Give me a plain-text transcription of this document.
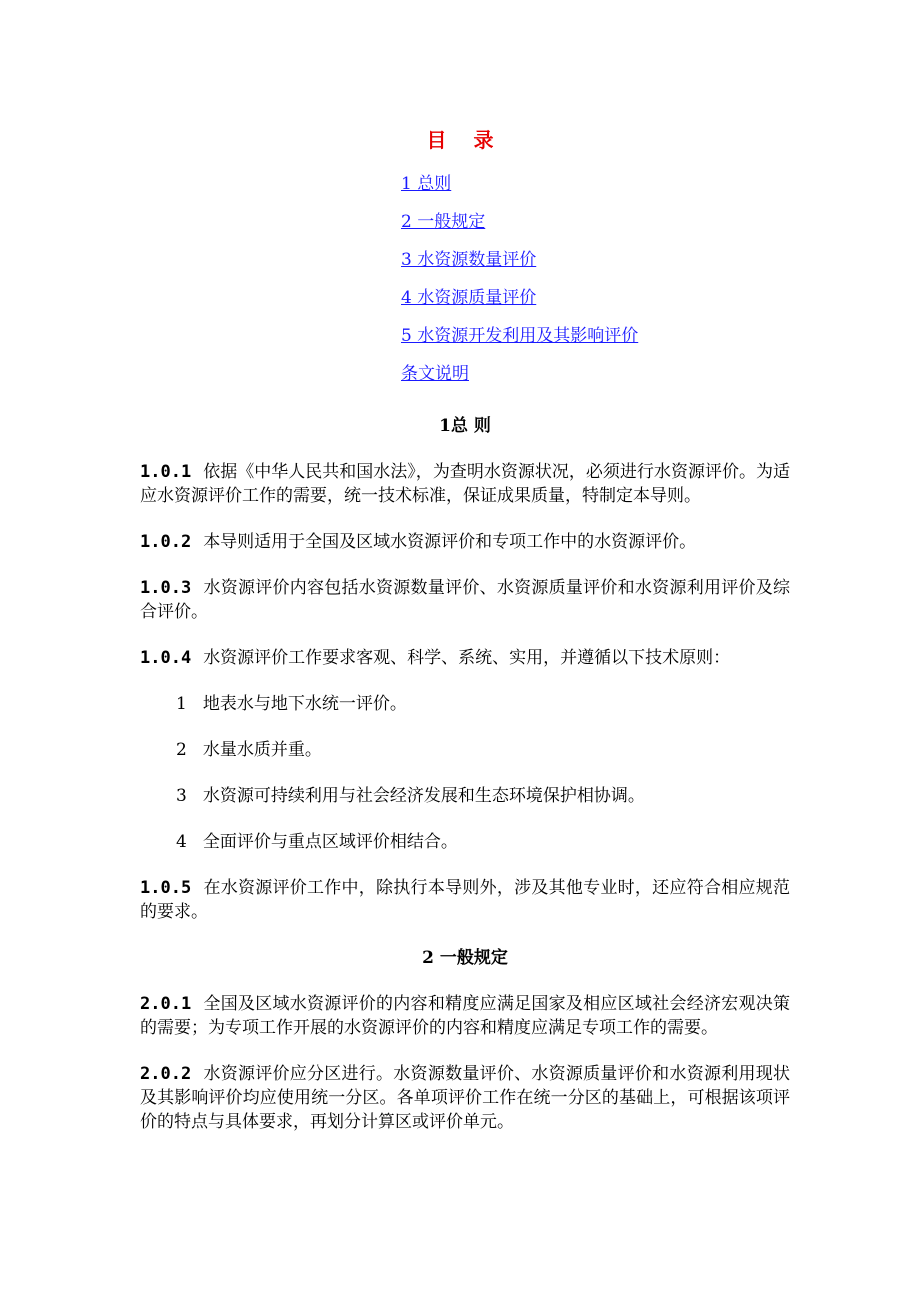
目 录
1 总则
2 一般规定
3 水资源数量评价
4 水资源质量评价
5 水资源开发利用及其影响评价
条文说明
1总 则

1.0.1 依据《中华人民共和国水法》，为查明水资源状况，必须进行水资源评价。为适应水资源评价工作的需要，统一技术标准，保证成果质量，特制定本导则。

1.0.2 本导则适用于全国及区域水资源评价和专项工作中的水资源评价。

1.0.3 水资源评价内容包括水资源数量评价、水资源质量评价和水资源利用评价及综合评价。

1.0.4 水资源评价工作要求客观、科学、系统、实用，并遵循以下技术原则：

1 地表水与地下水统一评价。

2 水量水质并重。

3 水资源可持续利用与社会经济发展和生态环境保护相协调。

4 全面评价与重点区域评价相结合。

1.0.5 在水资源评价工作中，除执行本导则外，涉及其他专业时，还应符合相应规范的要求。

2 一般规定

2.0.1 全国及区域水资源评价的内容和精度应满足国家及相应区域社会经济宏观决策的需要；为专项工作开展的水资源评价的内容和精度应满足专项工作的需要。

2.0.2 水资源评价应分区进行。水资源数量评价、水资源质量评价和水资源利用现状及其影响评价均应使用统一分区。各单项评价工作在统一分区的基础上，可根据该项评价的特点与具体要求，再划分计算区或评价单元。
